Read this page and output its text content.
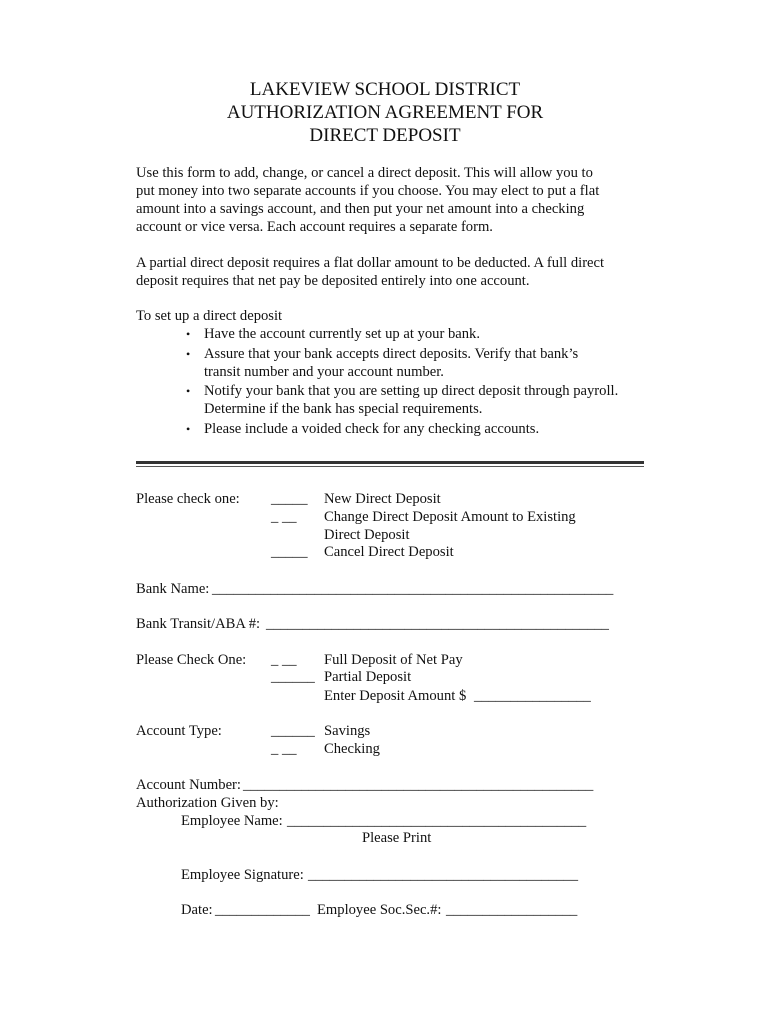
LAKEVIEW SCHOOL DISTRICT
AUTHORIZATION AGREEMENT FOR
DIRECT DEPOSIT
Use this form to add, change, or cancel a direct deposit. This will allow you to
put money into two separate accounts if you choose. You may elect to put a flat
amount into a savings account, and then put your net amount into a checking
account or vice versa. Each account requires a separate form.
A partial direct deposit requires a flat dollar amount to be deducted. A full direct
deposit requires that net pay be deposited entirely into one account.
To set up a direct deposit
• Have the account currently set up at your bank.
• Assure that your bank accepts direct deposits. Verify that bank’s
transit number and your account number.
• Notify your bank that you are setting up direct deposit through payroll.
Determine if the bank has special requirements.
• Please include a voided check for any checking accounts.
Please check one: _____ New Direct Deposit
_ __ Change Direct Deposit Amount to Existing
Direct Deposit
_____ Cancel Direct Deposit
Bank Name: _______________________________________________________
Bank Transit/ABA #: _______________________________________________
Please Check One: _ __ Full Deposit of Net Pay
______ Partial Deposit
Enter Deposit Amount $ ________________
Account Type:	______ Savings
_ __ Checking
Account Number: ________________________________________________
Authorization Given by:
Employee Name: _________________________________________
Please Print
Employee Signature: _____________________________________
Date: _____________ Employee Soc.Sec.#: __________________
